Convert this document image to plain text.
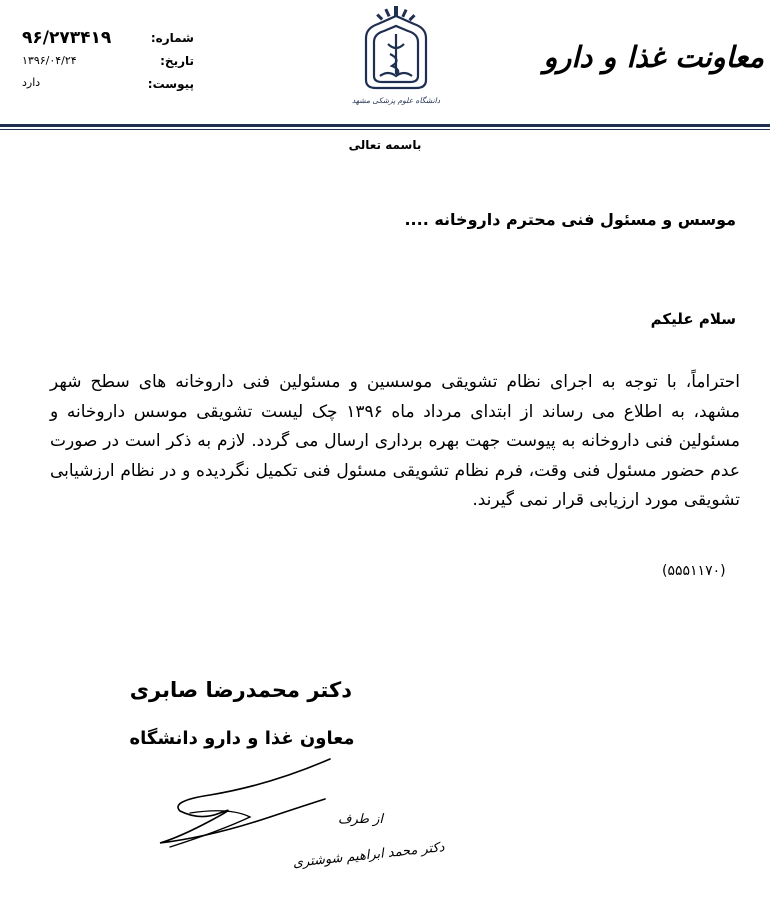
معاونت غذا و دارو
شماره:
تاریخ:
پیوست:
۹۶/۲۷۳۴۱۹
۱۳۹۶/۰۴/۲۴
دارد
دانشگاه علوم پزشکی مشهد
باسمه تعالی
موسس و مسئول فنی محترم داروخانه ....
سلام علیکم
احتراماً، با توجه به اجرای نظام تشویقی موسسین و مسئولین فنی داروخانه های سطح شهر مشهد، به اطلاع می رساند از ابتدای مرداد ماه ۱۳۹۶ چک لیست تشویقی موسس داروخانه و مسئولین فنی داروخانه به پیوست جهت بهره برداری ارسال می گردد. لازم به ذکر است در صورت عدم حضور مسئول فنی وقت، فرم نظام تشویقی مسئول فنی تکمیل نگردیده و در نظام ارزشیابی تشویقی مورد ارزیابی قرار نمی گیرند.
(۵۵۵۱۱۷۰)
دکتر محمدرضا صابری
معاون غذا و دارو دانشگاه
از طرف
دکتر محمد ابراهیم شوشتری
